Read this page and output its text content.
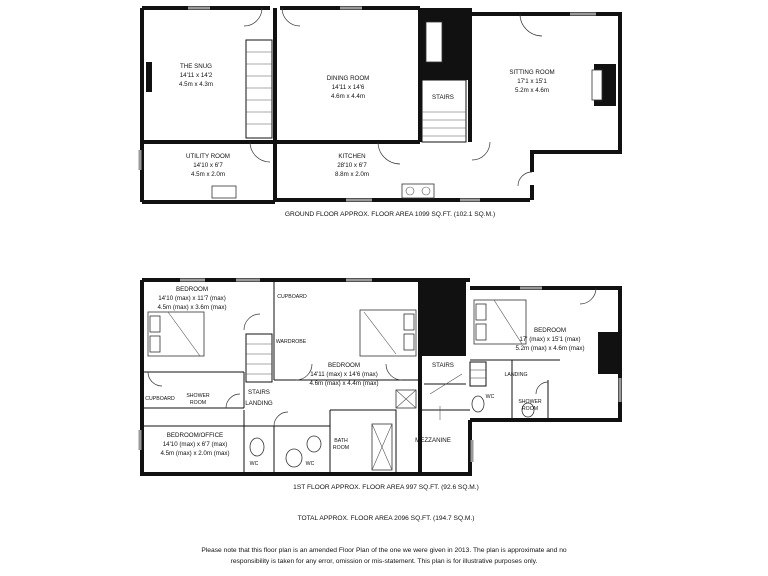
THE SNUG
14'11 x 14'2
4.5m x 4.3m
DINING ROOM
14'11 x 14'6
4.6m x 4.4m
SITTING ROOM
17'1 x 15'1
5.2m x 4.6m
UTILITY ROOM
14'10 x 6'7
4.5m x 2.0m
KITCHEN
28'10 x 6'7
8.8m x 2.0m
STAIRS
GROUND FLOOR APPROX. FLOOR AREA 1099 SQ.FT. (102.1 SQ.M.)
BEDROOM
14'10 (max) x 11'7 (max)
4.5m (max) x 3.6m (max)
BEDROOM
14'11 (max) x 14'6 (max)
4.6m (max) x 4.4m (max)
BEDROOM
17' (max) x 15'1 (max)
5.2m (max) x 4.6m (max)
BEDROOM/OFFICE
14'10 (max) x 6'7 (max)
4.5m (max) x 2.0m (max)
CUPBOARD
WARDROBE
CUPBOARD SHOWER
ROOM
STAIRS
LANDING
STAIRS
LANDING
WC
SHOWER
ROOM
BATH
ROOM
WC	WC
MEZZANINE
1ST FLOOR APPROX. FLOOR AREA 997 SQ.FT. (92.6 SQ.M.)
TOTAL APPROX. FLOOR AREA 2096 SQ.FT. (194.7 SQ.M.)
Please note that this floor plan is an amended Floor Plan of the one we were given in 2013. The plan is approximate and no
responsibility is taken for any error, omission or mis-statement. This plan is for illustrative purposes only.
